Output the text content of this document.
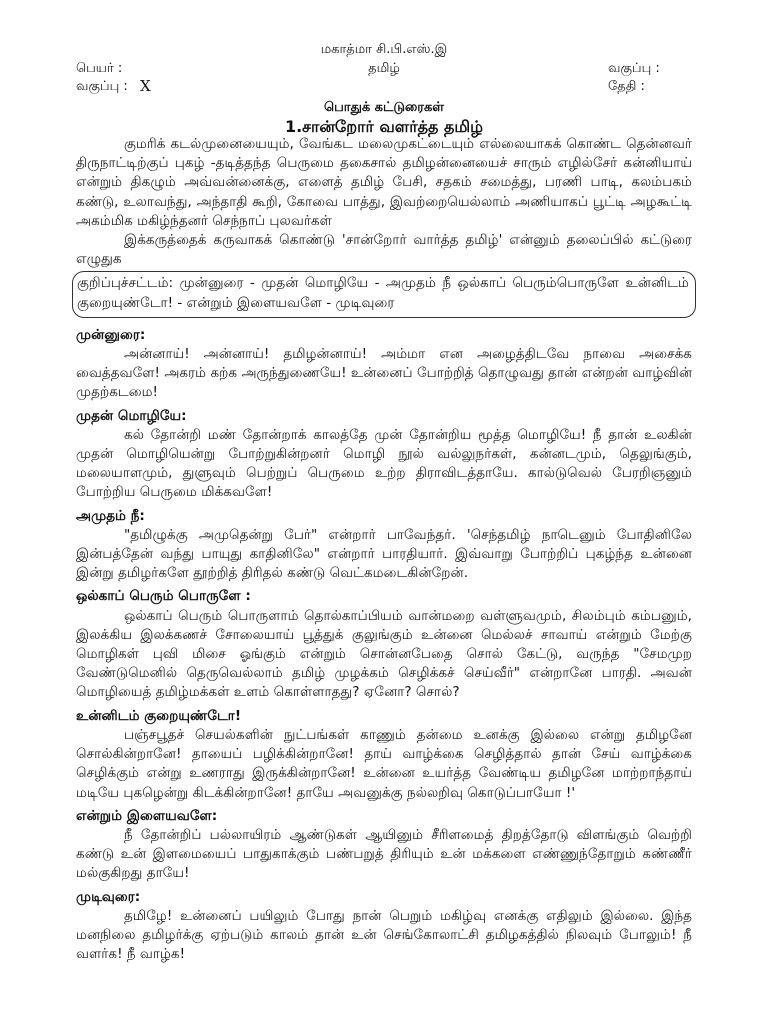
மகாத்மா சி.பி.எஸ்.இ
பெயர் :	தமிழ்	வகுப்பு :
வகுப்பு : X	தேதி :
பொதுக் கட்டுரைகள்
1.சான்றோர் வளர்த்த தமிழ்

குமரிக் கடல்முனையையும், வேங்கட மலைமுகட்டையும் எல்லையாகக் கொண்ட தென்னவர் திருநாட்டிற்குப் புகழ் -தடித்தந்த பெருமை தகைசால் தமிழன்னையைச் சாரும் எழில்சேர் கன்னியாய் என்றும் திகழும் அவ்வன்னைக்கு, எளைத் தமிழ் பேசி, சதகம் சமைத்து, பரணி பாடி, கலம்பகம் கண்டு, உலாவந்து, அந்தாதி கூறி, கோவை பாத்து, இவற்றையெல்லாம் அணியாகப் பூட்டி அழகூட்டி அகம்மிக மகிழ்ந்தனர் செந்நாப் புலவர்கள்

இக்கருத்தைக் கருவாகக் கொண்டு 'சான்றோர் வார்த்த தமிழ்' என்னும் தலைப்பில் கட்டுரை எழுதுக

குறிப்புச்சட்டம்: முன்னுரை - முதன் மொழியே - அமுதம் நீ ஒல்காப் பெரும்பொருளே உன்னிடம் குறையுண்டோ! - என்றும் இளையவளே - முடிவுரை

முன்னுரை:

அன்னாய்! அன்னாய்! தமிழன்னாய்! அம்மா என அழைத்திடவே நாவை அசைக்க வைத்தவளே! அகரம் கற்க அருந்துணையே! உன்னைப் போற்றித் தொழுவது தான் என்றன் வாழ்வின் முதற்கடமை!

முதன் மொழியே:

கல் தோன்றி மண் தோன்றாக் காலத்தே முன் தோன்றிய மூத்த மொழியே! நீ தான் உலகின் முதன் மொழியென்று போற்றுகின்றனர் மொழி நூல் வல்லுநர்கள், கன்னடமும், தெலுங்கும், மலையாளமும், துளுவும் பெற்றுப் பெருமை உற்ற திராவிடத்தாயே. கால்டுவெல் பேரறிஞனும் போற்றிய பெருமை மிக்கவளே!

அமுதம் நீ:

"தமிழுக்கு அமுதென்று பேர்" என்றார் பாவேந்தர். 'செந்தமிழ் நாடெனும் போதினிலே இன்பத்தேன் வந்து பாயுது காதினிலே" என்றார் பாரதியார். இவ்வாறு போற்றிப் புகழ்ந்த உன்னை இன்று தமிழர்களே தூற்றித் திரிதல் கண்டு வெட்கமடைகின்றேன்.

ஒல்காப் பெரும் பொருளே :

ஒல்காப் பெரும் பொருளாம் தொல்காப்பியம் வான்மறை வள்ளுவமும், சிலம்பும் கம்பனும், இலக்கிய இலக்கணச் சோலையாய் பூத்துக் குலுங்கும் உன்னை மெல்லச் சாவாய் என்றும் மேற்கு மொழிகள் புவி மிசை ஓங்கும் என்றும் சொன்னபேதை சொல் கேட்டு, வருந்த "சேமமுற வேண்டுமெனில் தெருவெல்லாம் தமிழ் முழக்கம் செழிக்கச் செய்வீர்" என்றானே பாரதி. அவன் மொழியைத் தமிழ்மக்கள் உளம் கொள்ளாதது? ஏனோ? சொல்?

உன்னிடம் குறையுண்டோ!

பஞ்சபூதச் செயல்களின் நுட்பங்கள் காணும் தன்மை உனக்கு இல்லை என்று தமிழனே சொல்கின்றானே! தாயைப் பழிக்கின்றானே! தாய் வாழ்க்கை செழித்தால் தான் சேய் வாழ்க்கை செழிக்கும் என்று உணராது இருக்கின்றானே! உன்னை உயர்த்த வேண்டிய தமிழனே மாற்றாந்தாய் மடியே புகழென்று கிடக்கின்றானே! தாயே அவனுக்கு நல்லறிவு கொடுப்பாயோ !'

என்றும் இளையவளே:

நீ தோன்றிப் பல்லாயிரம் ஆண்டுகள் ஆயினும் சீரிளமைத் திறத்தோடு விளங்கும் வெற்றி கண்டு உன் இளமையைப் பாதுகாக்கும் பண்பறுத் திரியும் உன் மக்களை எண்ணுந்தோறும் கண்ணீர் மல்குகிறது தாயே!

முடிவுரை:

தமிழே! உன்னைப் பயிலும் போது நான் பெறும் மகிழ்வு எனக்கு எதிலும் இல்லை. இந்த மனநிலை தமிழர்க்கு ஏற்படும் காலம் தான் உன் செங்கோலாட்சி தமிழகத்தில் நிலவும் போலும்! நீ வளர்க! நீ வாழ்க!
